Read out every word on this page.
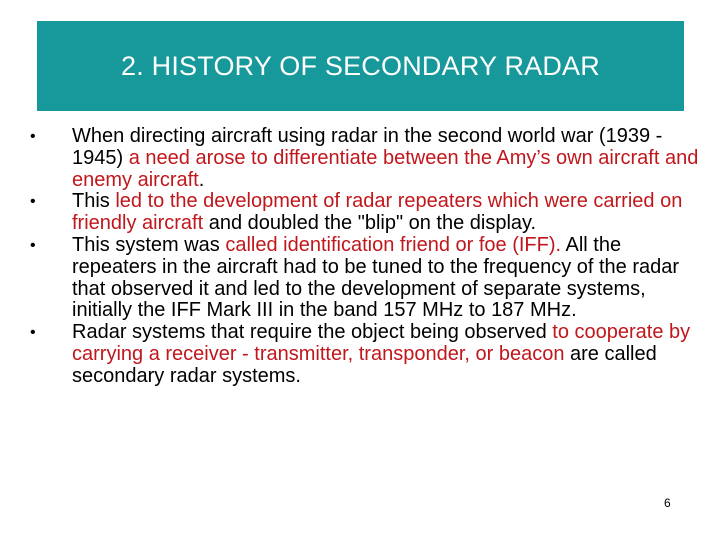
2. HISTORY OF SECONDARY RADAR
•	When directing aircraft using radar in the second world war (1939 - 1945) a need arose to differentiate between the Amy’s own aircraft and enemy aircraft.
•	This led to the development of radar repeaters which were carried on friendly aircraft and doubled the "blip" on the display.
•	This system was called identification friend or foe (IFF). All the repeaters in the aircraft had to be tuned to the frequency of the radar that observed it and led to the development of separate systems, initially the IFF Mark III in the band 157 MHz to 187 MHz.
•	Radar systems that require the object being observed to cooperate by carrying a receiver - transmitter, transponder, or beacon are called secondary radar systems.
6
